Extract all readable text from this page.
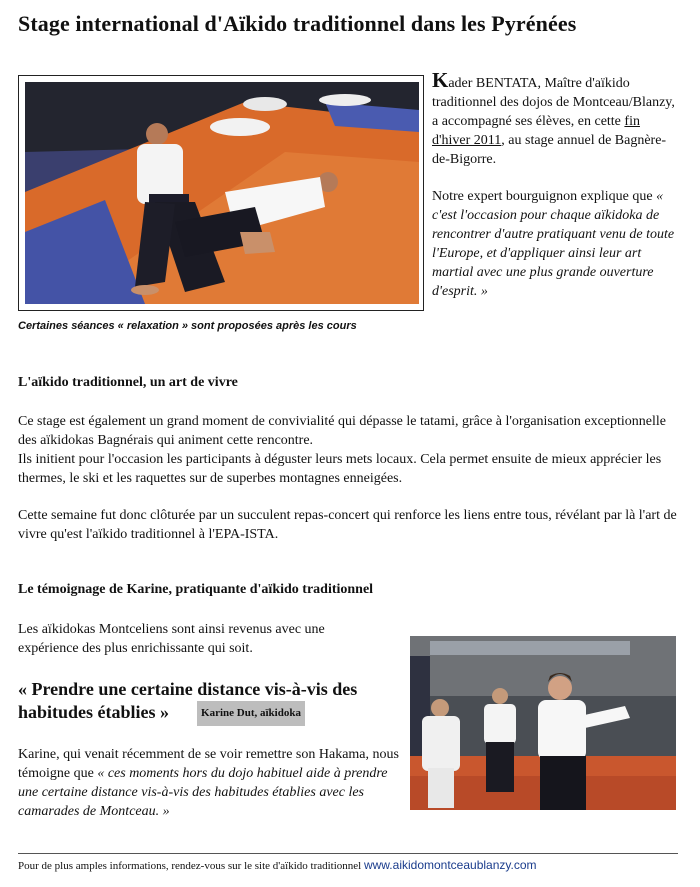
Stage international d'Aïkido traditionnel dans les Pyrénées
Certaines séances « relaxation » sont proposées après les cours

Kader BENTATA, Maître d'aïkido traditionnel des dojos de Montceau/Blanzy, a accompagné ses élèves, en cette fin d'hiver 2011, au stage annuel de Bagnère-de-Bigorre.

Notre expert bourguignon explique que « c'est l'occasion pour chaque aïkidoka de rencontrer d'autre pratiquant venu de toute l'Europe, et d'appliquer ainsi leur art martial avec une plus grande ouverture d'esprit. »

L'aïkido traditionnel, un art de vivre

Ce stage est également un grand moment de convivialité qui dépasse le tatami, grâce à l'organisation exceptionnelle des aïkidokas Bagnérais qui animent cette rencontre.

Ils initient pour l'occasion les participants à déguster leurs mets locaux. Cela permet ensuite de mieux apprécier les thermes, le ski et les raquettes sur de superbes montagnes enneigées.

Cette semaine fut donc clôturée par un succulent repas-concert qui renforce les liens entre tous, révélant par là l'art de vivre qu'est l'aïkido traditionnel à l'EPA-ISTA.

Le témoignage de Karine, pratiquante d'aïkido traditionnel
Les aïkidokas Montceliens sont ainsi revenus avec une expérience des plus enrichissante qui soit.
« Prendre une certaine distance vis-à-vis des habitudes établies »	Karine Dut, aïkidoka
Karine, qui venait récemment de se voir remettre son Hakama, nous témoigne que « ces moments hors du dojo habituel aide à prendre une certaine distance vis-à-vis des habitudes établies avec les camarades de Montceau. »
Pour de plus amples informations, rendez-vous sur le site d'aïkido traditionnel www.aikidomontceaublanzy.com
